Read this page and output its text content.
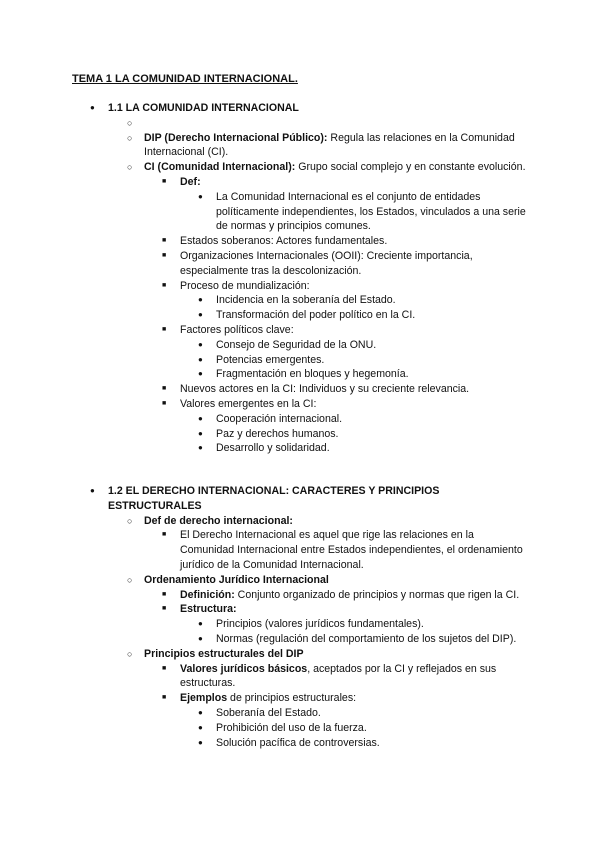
TEMA 1 LA COMUNIDAD INTERNACIONAL.
● 1.1 LA COMUNIDAD INTERNACIONAL
○

○ DIP (Derecho Internacional Público): Regula las relaciones en la Comunidad Internacional (CI).
○ CI (Comunidad Internacional): Grupo social complejo y en constante evolución.
■ Def:
● La Comunidad Internacional es el conjunto de entidades políticamente independientes, los Estados, vinculados a una serie de normas y principios comunes.
■ Estados soberanos: Actores fundamentales.
■ Organizaciones Internacionales (OOII): Creciente importancia, especialmente tras la descolonización.
■ Proceso de mundialización:
● Incidencia en la soberanía del Estado.
● Transformación del poder político en la CI.
■ Factores políticos clave:
● Consejo de Seguridad de la ONU.
● Potencias emergentes.
● Fragmentación en bloques y hegemonía.
■ Nuevos actores en la CI: Individuos y su creciente relevancia.
■ Valores emergentes en la CI:
● Cooperación internacional.
● Paz y derechos humanos.
● Desarrollo y solidaridad.
● 1.2 EL DERECHO INTERNACIONAL: CARACTERES Y PRINCIPIOS ESTRUCTURALES
○ Def de derecho internacional:
■ El Derecho Internacional es aquel que rige las relaciones en la Comunidad Internacional entre Estados independientes, el ordenamiento jurídico de la Comunidad Internacional.
○ Ordenamiento Jurídico Internacional
■ Definición: Conjunto organizado de principios y normas que rigen la CI.
■ Estructura:
● Principios (valores jurídicos fundamentales).
● Normas (regulación del comportamiento de los sujetos del DIP).
○ Principios estructurales del DIP
■ Valores jurídicos básicos, aceptados por la CI y reflejados en sus estructuras.
■ Ejemplos de principios estructurales:
● Soberanía del Estado.
● Prohibición del uso de la fuerza.
● Solución pacífica de controversias.
